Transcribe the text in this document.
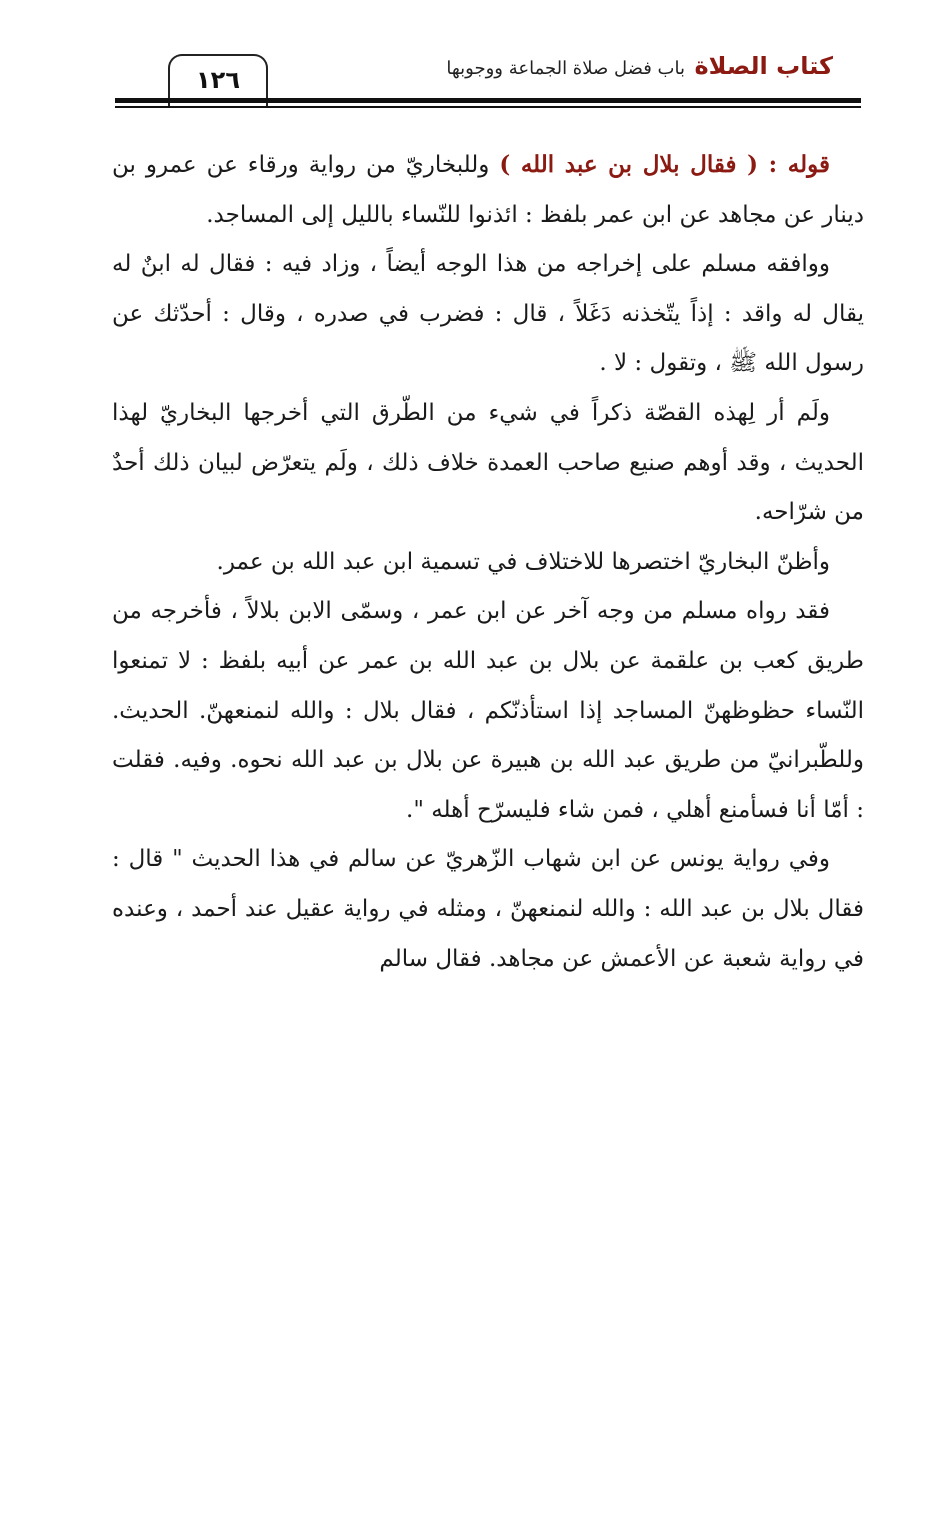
كتاب الصلاة
باب فضل صلاة الجماعة ووجوبها
١٢٦

قوله : ( فقال بلال بن عبد الله ) وللبخاريّ من رواية ورقاء عن عمرو بن دينار عن مجاهد عن ابن عمر بلفظ : ائذنوا للنّساء بالليل إلى المساجد.

ووافقه مسلم على إخراجه من هذا الوجه أيضاً ، وزاد فيه : فقال له ابنٌ له يقال له واقد : إذاً يتّخذنه دَغَلاً ، قال : فضرب في صدره ، وقال : أحدّثك عن رسول الله ﷺ ، وتقول : لا .

ولَم أر لِهذه القصّة ذكراً في شيء من الطّرق التي أخرجها البخاريّ لهذا الحديث ، وقد أوهم صنيع صاحب العمدة خلاف ذلك ، ولَم يتعرّض لبيان ذلك أحدٌ من شرّاحه.

وأظنّ البخاريّ اختصرها للاختلاف في تسمية ابن عبد الله بن عمر.

فقد رواه مسلم من وجه آخر عن ابن عمر ، وسمّى الابن بلالاً ، فأخرجه من طريق كعب بن علقمة عن بلال بن عبد الله بن عمر عن أبيه بلفظ : لا تمنعوا النّساء حظوظهنّ المساجد إذا استأذنّكم ، فقال بلال : والله لنمنعهنّ. الحديث. وللطّبرانيّ من طريق عبد الله بن هبيرة عن بلال بن عبد الله نحوه. وفيه. فقلت : أمّا أنا فسأمنع أهلي ، فمن شاء فليسرّح أهله ".

وفي رواية يونس عن ابن شهاب الزّهريّ عن سالم في هذا الحديث " قال : فقال بلال بن عبد الله : والله لنمنعهنّ ، ومثله في رواية عقيل عند أحمد ، وعنده في رواية شعبة عن الأعمش عن مجاهد. فقال سالم
